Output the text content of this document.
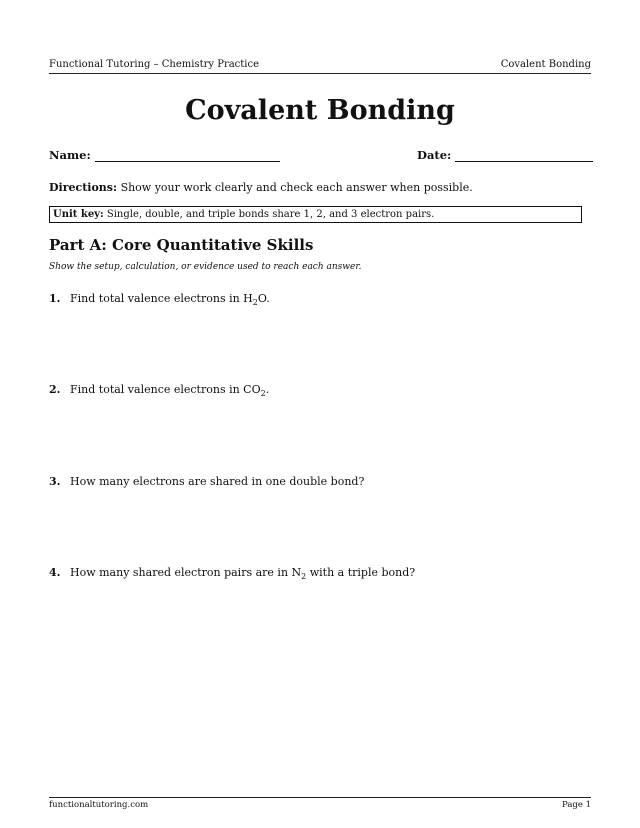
Functional Tutoring – Chemistry Practice	Covalent Bonding
Covalent Bonding
Name:	Date:
Directions: Show your work clearly and check each answer when possible.
Unit key: Single, double, and triple bonds share 1, 2, and 3 electron pairs.
Part A: Core Quantitative Skills
Show the setup, calculation, or evidence used to reach each answer.
1. Find total valence electrons in $H_2O$.
2. Find total valence electrons in $CO_2$.
3. How many electrons are shared in one double bond?
4. How many shared electron pairs are in $N_2$ with a triple bond?
functionaltutoring.com	Page 1
